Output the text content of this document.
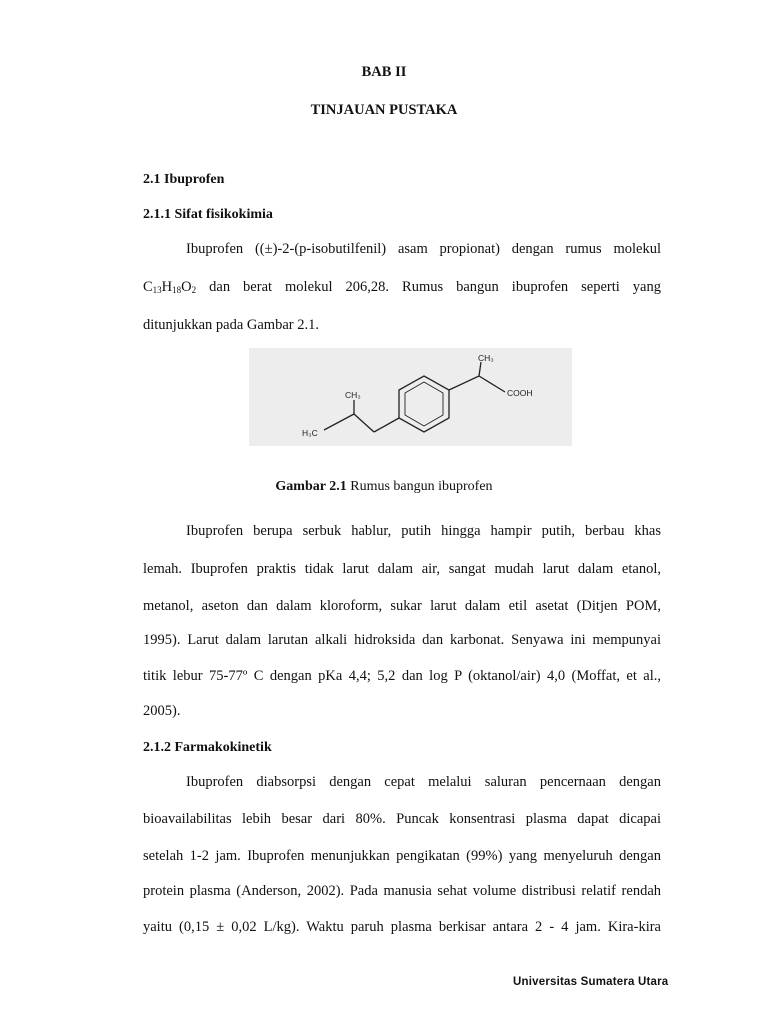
BAB II
TINJAUAN PUSTAKA
2.1 Ibuprofen
2.1.1 Sifat fisikokimia
Ibuprofen ((±)-2-(p-isobutilfenil) asam propionat) dengan rumus molekul
$C_{13}H_{18}O_2$ dan berat molekul 206,28. Rumus bangun ibuprofen seperti yang
ditunjukkan pada Gambar 2.1.
CH₃
COOH
CH₃
H₃C
Gambar 2.1 Rumus bangun ibuprofen
Ibuprofen berupa serbuk hablur, putih hingga hampir putih, berbau khas
lemah. Ibuprofen praktis tidak larut dalam air, sangat mudah larut dalam etanol,
metanol, aseton dan dalam kloroform, sukar larut dalam etil asetat (Ditjen POM,
1995). Larut dalam larutan alkali hidroksida dan karbonat. Senyawa ini mempunyai
titik lebur 75-77º C dengan pKa 4,4; 5,2 dan log P (oktanol/air) 4,0 (Moffat, et al.,
2005).
2.1.2 Farmakokinetik
Ibuprofen diabsorpsi dengan cepat melalui saluran pencernaan dengan
bioavailabilitas lebih besar dari 80%. Puncak konsentrasi plasma dapat dicapai
setelah 1-2 jam. Ibuprofen menunjukkan pengikatan (99%) yang menyeluruh dengan
protein plasma (Anderson, 2002). Pada manusia sehat volume distribusi relatif rendah
yaitu (0,15 ± 0,02 L/kg). Waktu paruh plasma berkisar antara 2 - 4 jam. Kira-kira
Universitas Sumatera Utara
